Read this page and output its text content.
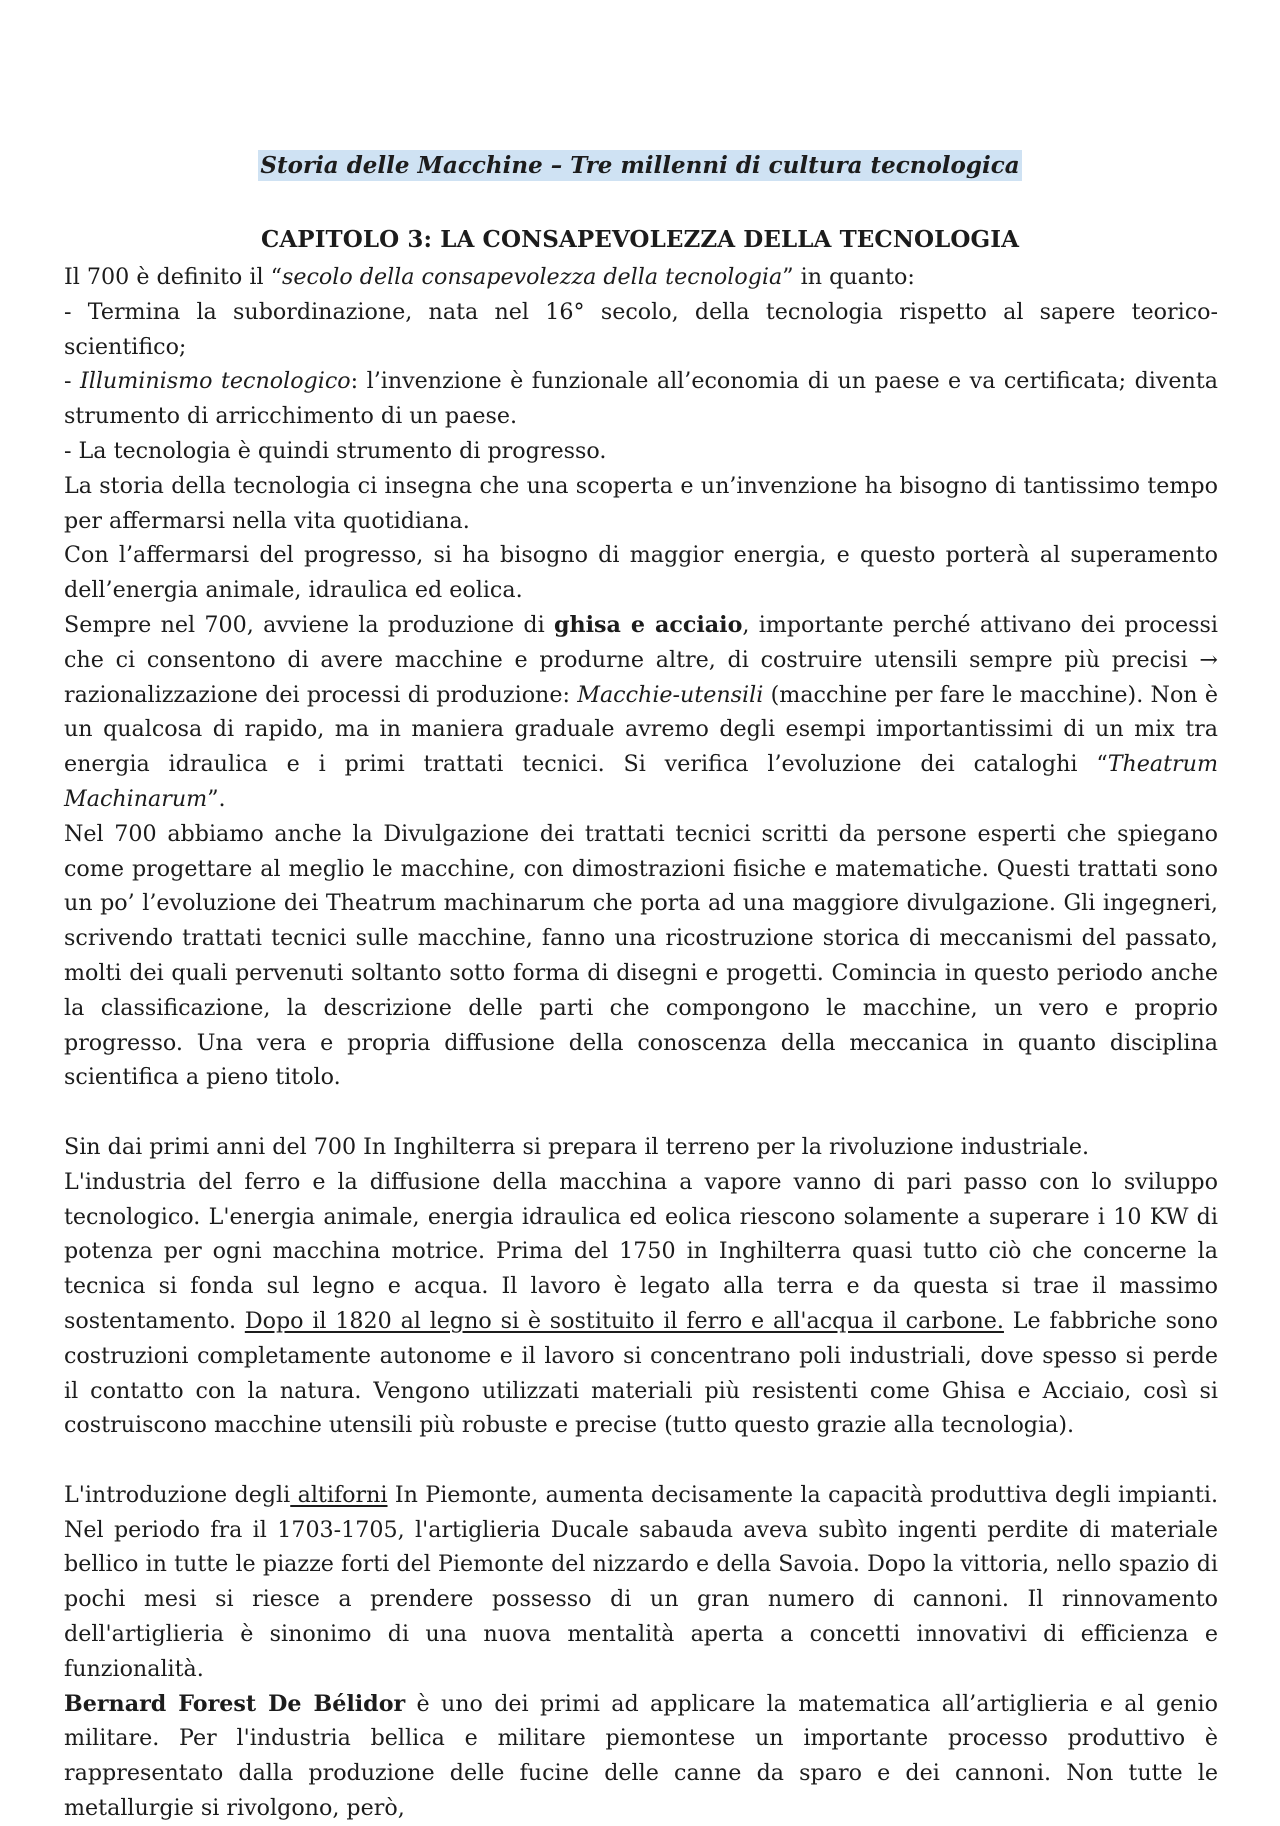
Storia delle Macchine – Tre millenni di cultura tecnologica
CAPITOLO 3: LA CONSAPEVOLEZZA DELLA TECNOLOGIA

Il 700 è definito il “secolo della consapevolezza della tecnologia” in quanto:

- Termina la subordinazione, nata nel 16° secolo, della tecnologia rispetto al sapere teorico-scientifico;

- Illuminismo tecnologico: l’invenzione è funzionale all’economia di un paese e va certificata; diventa strumento di arricchimento di un paese.

- La tecnologia è quindi strumento di progresso.

La storia della tecnologia ci insegna che una scoperta e un’invenzione ha bisogno di tantissimo tempo per affermarsi nella vita quotidiana.

Con l’affermarsi del progresso, si ha bisogno di maggior energia, e questo porterà al superamento dell’energia animale, idraulica ed eolica.

Sempre nel 700, avviene la produzione di ghisa e acciaio, importante perché attivano dei processi che ci consentono di avere macchine e produrne altre, di costruire utensili sempre più precisi → razionalizzazione dei processi di produzione: Macchie-utensili (macchine per fare le macchine). Non è un qualcosa di rapido, ma in maniera graduale avremo degli esempi importantissimi di un mix tra energia idraulica e i primi trattati tecnici. Si verifica l’evoluzione dei cataloghi “Theatrum Machinarum”.

Nel 700 abbiamo anche la Divulgazione dei trattati tecnici scritti da persone esperti che spiegano come progettare al meglio le macchine, con dimostrazioni fisiche e matematiche. Questi trattati sono un po’ l’evoluzione dei Theatrum machinarum che porta ad una maggiore divulgazione. Gli ingegneri, scrivendo trattati tecnici sulle macchine, fanno una ricostruzione storica di meccanismi del passato, molti dei quali pervenuti soltanto sotto forma di disegni e progetti. Comincia in questo periodo anche la classificazione, la descrizione delle parti che compongono le macchine, un vero e proprio progresso. Una vera e propria diffusione della conoscenza della meccanica in quanto disciplina scientifica a pieno titolo.

Sin dai primi anni del 700 In Inghilterra si prepara il terreno per la rivoluzione industriale.

L'industria del ferro e la diffusione della macchina a vapore vanno di pari passo con lo sviluppo tecnologico. L'energia animale, energia idraulica ed eolica riescono solamente a superare i 10 KW di potenza per ogni macchina motrice. Prima del 1750 in Inghilterra quasi tutto ciò che concerne la tecnica si fonda sul legno e acqua. Il lavoro è legato alla terra e da questa si trae il massimo sostentamento. Dopo il 1820 al legno si è sostituito il ferro e all'acqua il carbone. Le fabbriche sono costruzioni completamente autonome e il lavoro si concentrano poli industriali, dove spesso si perde il contatto con la natura. Vengono utilizzati materiali più resistenti come Ghisa e Acciaio, così si costruiscono macchine utensili più robuste e precise (tutto questo grazie alla tecnologia).

L'introduzione degli altiforni In Piemonte, aumenta decisamente la capacità produttiva degli impianti. Nel periodo fra il 1703-1705, l'artiglieria Ducale sabauda aveva subìto ingenti perdite di materiale bellico in tutte le piazze forti del Piemonte del nizzardo e della Savoia. Dopo la vittoria, nello spazio di pochi mesi si riesce a prendere possesso di un gran numero di cannoni. Il rinnovamento dell'artiglieria è sinonimo di una nuova mentalità aperta a concetti innovativi di efficienza e funzionalità.

Bernard Forest De Bélidor è uno dei primi ad applicare la matematica all’artiglieria e al genio militare. Per l'industria bellica e militare piemontese un importante processo produttivo è rappresentato dalla produzione delle fucine delle canne da sparo e dei cannoni. Non tutte le metallurgie si rivolgono, però,
